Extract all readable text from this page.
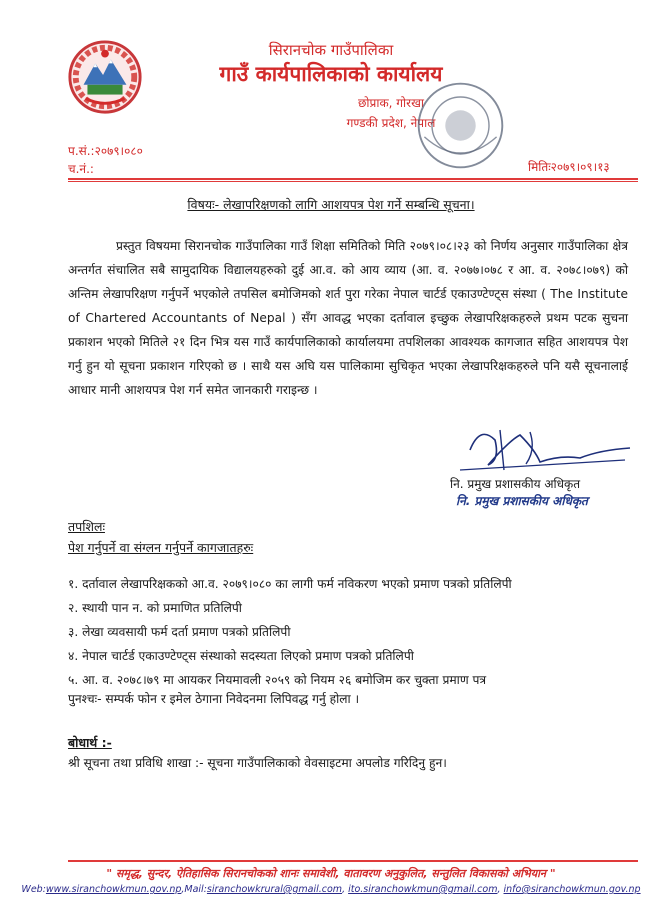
सिरानचोक गाउँपालिका
गाउँ कार्यपालिकाको कार्यालय
छोप्राक, गोरखा
गण्डकी प्रदेश, नेपाल
प.सं.:२०७९।०८०
च.नं.:	मितिः२०७९।०९।१३
विषयः- लेखापरिक्षणको लागि आशयपत्र पेश गर्ने सम्बन्धि सूचना।
प्रस्तुत विषयमा सिरानचोक गाउँपालिका गाउँ शिक्षा समितिको मिति २०७९।०८।२३ को निर्णय अनुसार गाउँपालिका क्षेत्र अन्तर्गत संचालित सबै सामुदायिक विद्यालयहरुको दुई आ.व. को आय व्याय (आ. व. २०७७।०७८ र आ. व. २०७८।०७९) को अन्तिम लेखापरिक्षण गर्नुपर्ने भएकोले तपसिल बमोजिमको शर्त पुरा गरेका नेपाल चार्टर्ड एकाउण्टेण्ट्स संस्था ( The Institute of Chartered Accountants of Nepal ) सँग आवद्ध भएका दर्तावाल इच्छुक लेखापरिक्षकहरुले प्रथम पटक सुचना प्रकाशन भएको मितिले २१ दिन भित्र यस गाउँ कार्यपालिकाको कार्यालयमा तपशिलका आवश्यक कागजात सहित आशयपत्र पेश गर्नु हुन यो सूचना प्रकाशन गरिएको छ । साथै यस अघि यस पालिकामा सुचिकृत भएका लेखापरिक्षकहरुले पनि यसै सूचनालाई आधार मानी आशयपत्र पेश गर्न समेत जानकारी गराइन्छ ।
नि. प्रमुख प्रशासकीय अधिकृत
नि. प्रमुख प्रशासकीय अधिकृत
तपशिलः
पेश गर्नुपर्ने वा संग्लन गर्नुपर्ने कागजातहरुः
१. दर्तावाल लेखापरिक्षकको आ.व. २०७९।०८० का लागी फर्म नविकरण भएको प्रमाण पत्रको प्रतिलिपी
२. स्थायी पान न. को प्रमाणित प्रतिलिपी
३. लेखा व्यवसायी फर्म दर्ता प्रमाण पत्रको प्रतिलिपी
४. नेपाल चार्टर्ड एकाउण्टेण्ट्स संस्थाको सदस्यता लिएको प्रमाण पत्रको प्रतिलिपी
५. आ. व. २०७८।७९ मा आयकर नियमावली २०५९ को नियम २६ बमोजिम कर चुक्ता प्रमाण पत्र
पुनश्चः- सम्पर्क फोन र इमेल ठेगाना निवेदनमा लिपिवद्ध गर्नु होला ।
बोधार्थ :-
श्री सूचना तथा प्रविधि शाखा :- सूचना गाउँपालिकाको वेवसाइटमा अपलोड गरिदिनु हुन।
" समृद्ध, सुन्दर, ऐतिहासिक सिरानचोकको शानः समावेशी, वातावरण अनुकुलित, सन्तुलित विकासको अभियान "
Web:www.siranchowkmun.gov.np,Mail:siranchowkrural@gmail.com, ito.siranchowkmun@gmail.com, info@siranchowkmun.gov.np
